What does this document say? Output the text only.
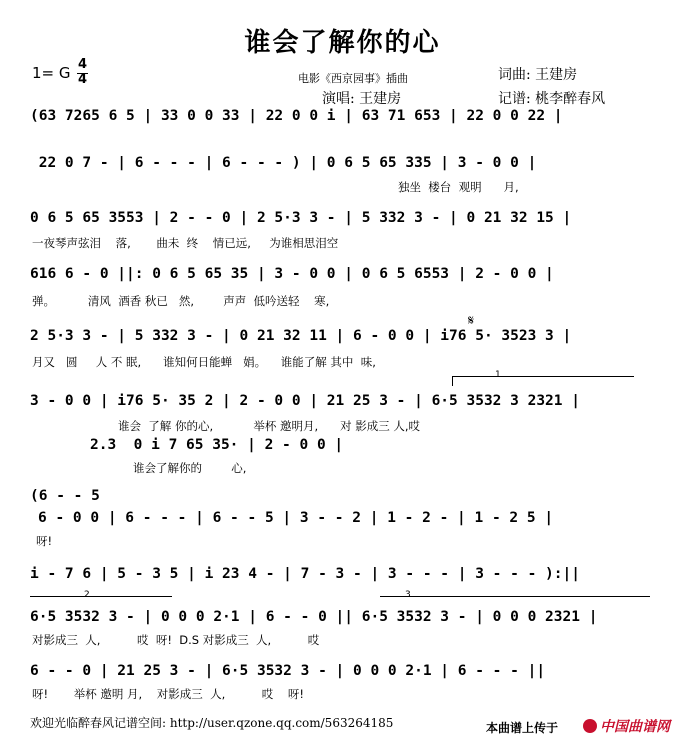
谁会了解你的心
1= G 4
4	电影《西京园事》插曲	词曲: 王建房
演唱: 王建房	记谱: 桃李醉春风
(63 7265 6 5 | 33 0 0 33 | 22 0 0 i | 63 71 653 | 22 0 0 22 |
22 0 7 - | 6 - - - | 6 - - - ) | 0 6 5 65 335 | 3 - 0 0 |
独坐  楼台  观明      月,
0 6 5 65 3553 | 2 - - 0 | 2 5·3 3 - | 5 332 3 - | 0 21 32 15 |
一夜琴声弦泪    落,       曲未  终    情已远,     为谁相思泪空
616 6 - 0 ||: 0 6 5 65 35 | 3 - 0 0 | 0 6 5 6553 | 2 - 0 0 |
弹。         清风  酒香 秋已   然,        声声  低吟送轻    寒,
2 5·3 3 - | 5 332 3 - | 0 21 32 11 | 6 - 0 0 | i76 5· 3523 3 |
月又   圆     人 不 眠,      谁知何日能蝉   娟。    谁能了解 其中  味,
3 - 0 0 | i76 5· 35 2 | 2 - 0 0 | 21 25 3 - | 6·5 3532 3 2321 |
谁会  了解 你的心,           举杯 邀明月,      对 影成三 人,哎
2.3  0 i 7 65 35· | 2 - 0 0 |
谁会了解你的        心,
(6 - - 5
6 - 0 0 | 6 - - - | 6 - - 5 | 3 - - 2 | 1 - 2 - | 1 - 2 5 |
呀!
i - 7 6 | 5 - 3 5 | i 23 4 - | 7 - 3 - | 3 - - - | 3 - - - ):||
6·5 3532 3 - | 0 0 0 2·1 | 6 - - 0 || 6·5 3532 3 - | 0 0 0 2321 |
对影成三  人,          哎  呀!  D.S 对影成三  人,          哎
6 - - 0 | 21 25 3 - | 6·5 3532 3 - | 0 0 0 2·1 | 6 - - - ||
呀!       举杯 邀明 月,    对影成三  人,          哎    呀!
1
2	3
𝄋
欢迎光临醉春风记谱空间: http://user.qzone.qq.com/563264185	本曲谱上传于	中国曲谱网
